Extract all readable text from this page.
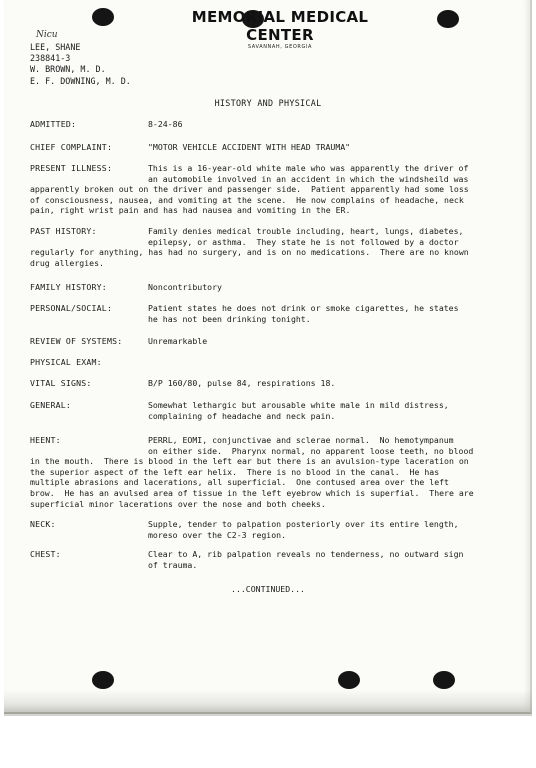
MEMORIAL MEDICAL CENTER
SAVANNAH, GEORGIA
Nicu
LEE, SHANE
238841-3
W. BROWN, M. D.
E. F. DOWNING, M. D.
HISTORY AND PHYSICAL
ADMITTED:	8-24-86
CHIEF COMPLAINT:	"MOTOR VEHICLE ACCIDENT WITH HEAD TRAUMA"
PRESENT ILLNESS:	This is a 16-year-old white male who was apparently the driver of
an automobile involved in an accident in which the windsheild was
apparently broken out on the driver and passenger side.  Patient apparently had some loss
of consciousness, nausea, and vomiting at the scene.  He now complains of headache, neck
pain, right wrist pain and has had nausea and vomiting in the ER.
PAST HISTORY:	Family denies medical trouble including, heart, lungs, diabetes,
epilepsy, or asthma.  They state he is not followed by a doctor
regularly for anything, has had no surgery, and is on no medications.  There are no known
drug allergies.
FAMILY HISTORY:	Noncontributory
PERSONAL/SOCIAL:	Patient states he does not drink or smoke cigarettes, he states
he has not been drinking tonight.
REVIEW OF SYSTEMS:	Unremarkable
PHYSICAL EXAM:
VITAL SIGNS:	B/P 160/80, pulse 84, respirations 18.
GENERAL:	Somewhat lethargic but arousable white male in mild distress,
complaining of headache and neck pain.
HEENT:	PERRL, EOMI, conjunctivae and sclerae normal.  No hemotympanum
on either side.  Pharynx normal, no apparent loose teeth, no blood
in the mouth.  There is blood in the left ear but there is an avulsion-type laceration on
the superior aspect of the left ear helix.  There is no blood in the canal.  He has
multiple abrasions and lacerations, all superficial.  One contused area over the left
brow.  He has an avulsed area of tissue in the left eyebrow which is superfial.  There are
superficial minor lacerations over the nose and both cheeks.
NECK:	Supple, tender to palpation posteriorly over its entire length,
moreso over the C2-3 region.
CHEST:	Clear to A, rib palpation reveals no tenderness, no outward sign
of trauma.
...CONTINUED...
